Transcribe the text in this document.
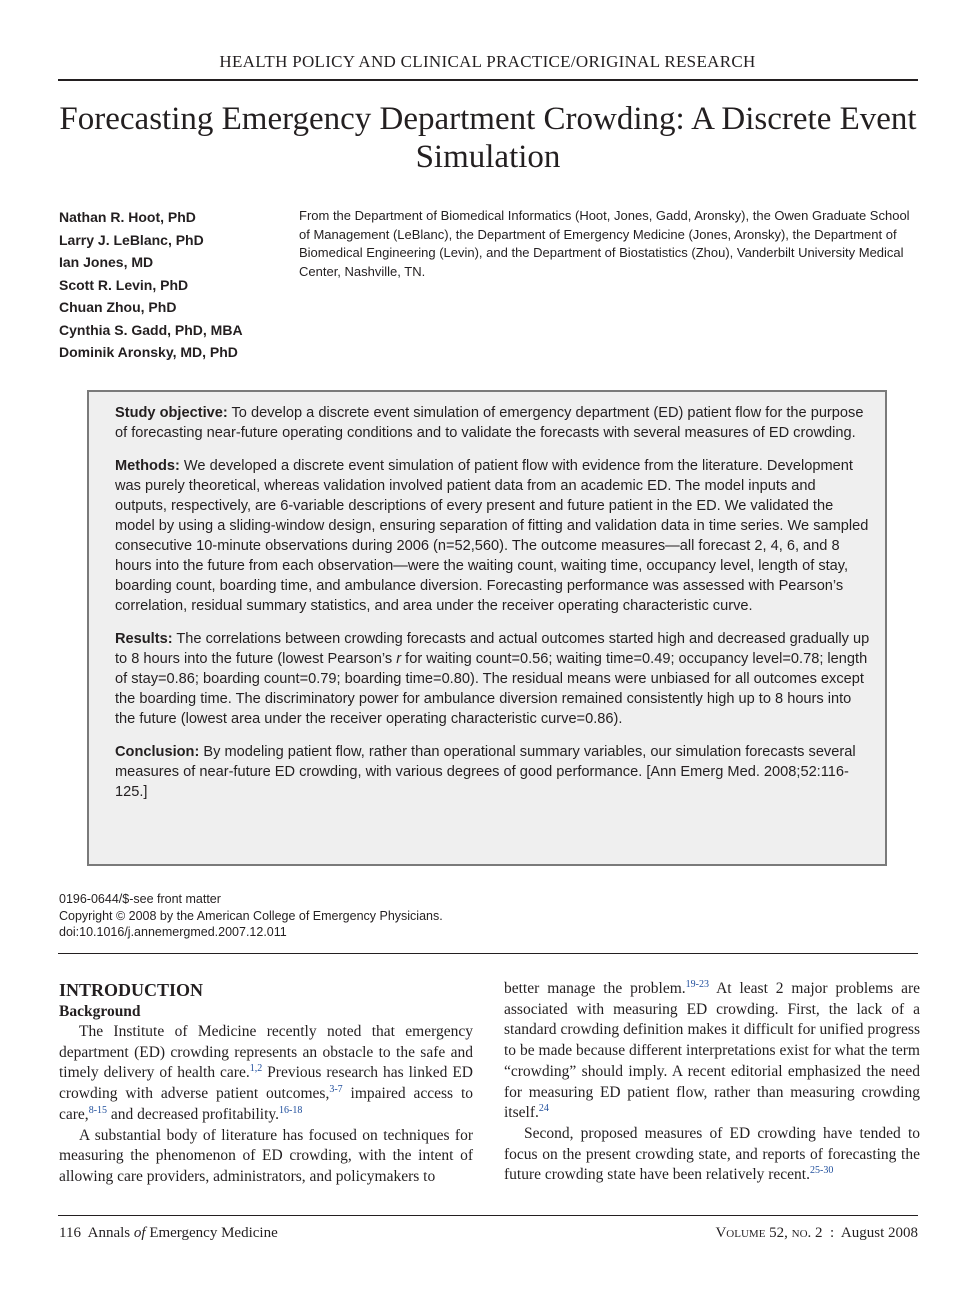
HEALTH POLICY AND CLINICAL PRACTICE/ORIGINAL RESEARCH
Forecasting Emergency Department Crowding: A Discrete Event Simulation
Nathan R. Hoot, PhD
Larry J. LeBlanc, PhD
Ian Jones, MD
Scott R. Levin, PhD
Chuan Zhou, PhD
Cynthia S. Gadd, PhD, MBA
Dominik Aronsky, MD, PhD
From the Department of Biomedical Informatics (Hoot, Jones, Gadd, Aronsky), the Owen Graduate School of Management (LeBlanc), the Department of Emergency Medicine (Jones, Aronsky), the Department of Biomedical Engineering (Levin), and the Department of Biostatistics (Zhou), Vanderbilt University Medical Center, Nashville, TN.

Study objective: To develop a discrete event simulation of emergency department (ED) patient flow for the purpose of forecasting near-future operating conditions and to validate the forecasts with several measures of ED crowding.

Methods: We developed a discrete event simulation of patient flow with evidence from the literature. Development was purely theoretical, whereas validation involved patient data from an academic ED. The model inputs and outputs, respectively, are 6-variable descriptions of every present and future patient in the ED. We validated the model by using a sliding-window design, ensuring separation of fitting and validation data in time series. We sampled consecutive 10-minute observations during 2006 (n=52,560). The outcome measures—all forecast 2, 4, 6, and 8 hours into the future from each observation—were the waiting count, waiting time, occupancy level, length of stay, boarding count, boarding time, and ambulance diversion. Forecasting performance was assessed with Pearson’s correlation, residual summary statistics, and area under the receiver operating characteristic curve.

Results: The correlations between crowding forecasts and actual outcomes started high and decreased gradually up to 8 hours into the future (lowest Pearson’s r for waiting count=0.56; waiting time=0.49; occupancy level=0.78; length of stay=0.86; boarding count=0.79; boarding time=0.80). The residual means were unbiased for all outcomes except the boarding time. The discriminatory power for ambulance diversion remained consistently high up to 8 hours into the future (lowest area under the receiver operating characteristic curve=0.86).

Conclusion: By modeling patient flow, rather than operational summary variables, our simulation forecasts several measures of near-future ED crowding, with various degrees of good performance. [Ann Emerg Med. 2008;52:116-125.]

0196-0644/$-see front matter
Copyright © 2008 by the American College of Emergency Physicians.
doi:10.1016/j.annemergmed.2007.12.011
INTRODUCTION
Background

The Institute of Medicine recently noted that emergency department (ED) crowding represents an obstacle to the safe and timely delivery of health care.$^{1,2}$ Previous research has linked ED crowding with adverse patient outcomes,$^{3-7}$ impaired access to care,$^{8-15}$ and decreased profitability.$^{16-18}$

A substantial body of literature has focused on techniques for measuring the phenomenon of ED crowding, with the intent of allowing care providers, administrators, and policymakers to

better manage the problem.$^{19-23}$ At least 2 major problems are associated with measuring ED crowding. First, the lack of a standard crowding definition makes it difficult for unified progress to be made because different interpretations exist for what the term “crowding” should imply. A recent editorial emphasized the need for measuring ED patient flow, rather than measuring crowding itself.$^{24}$

Second, proposed measures of ED crowding have tended to focus on the present crowding state, and reports of forecasting the future crowding state have been relatively recent.$^{25-30}$

116 Annals of Emergency Medicine	Volume 52, no. 2 : August 2008
